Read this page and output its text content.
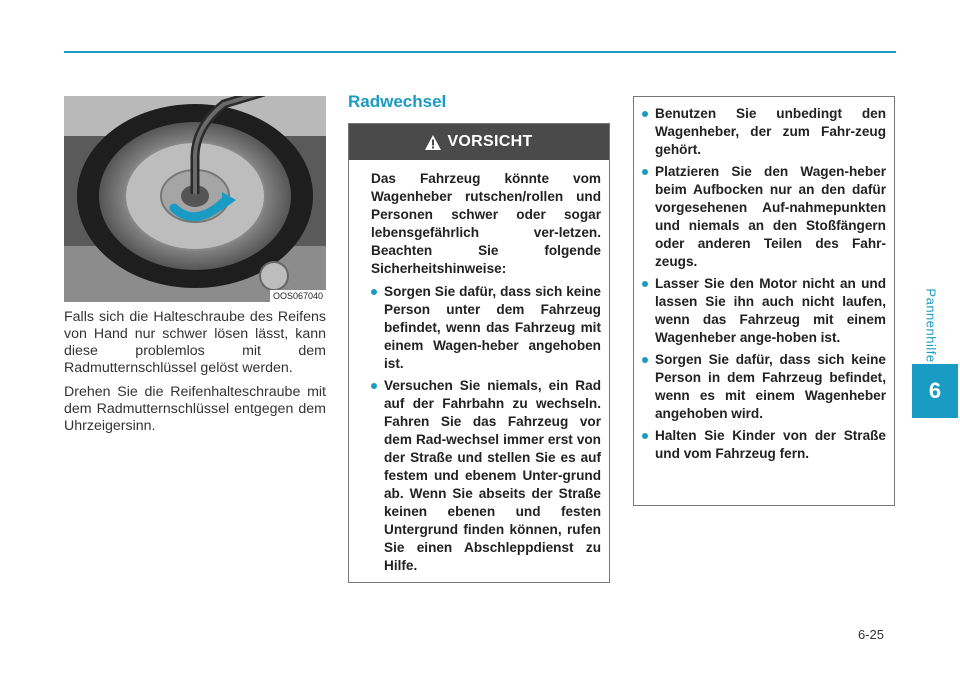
Pannenhilfe
6
OOS067040

Falls sich die Halteschraube des Reifens von Hand nur schwer lösen lässt, kann diese problemlos mit dem Radmutternschlüssel gelöst werden.

Drehen Sie die Reifenhalteschraube mit dem Radmutternschlüssel entgegen dem Uhrzeigersinn.

Radwechsel
VORSICHT

Das Fahrzeug könnte vom Wagenheber rutschen/rollen und Personen schwer oder sogar lebensgefährlich ver-letzen. Beachten Sie folgende Sicherheitshinweise:

Sorgen Sie dafür, dass sich keine Person unter dem Fahrzeug befindet, wenn das Fahrzeug mit einem Wagen-heber angehoben ist.
Versuchen Sie niemals, ein Rad auf der Fahrbahn zu wechseln. Fahren Sie das Fahrzeug vor dem Rad-wechsel immer erst von der Straße und stellen Sie es auf festem und ebenem Unter-grund ab. Wenn Sie abseits der Straße keinen ebenen und festen Untergrund finden können, rufen Sie einen Abschleppdienst zu Hilfe.
Benutzen Sie unbedingt den Wagenheber, der zum Fahr-zeug gehört.
Platzieren Sie den Wagen-heber beim Aufbocken nur an den dafür vorgesehenen Auf-nahmepunkten und niemals an den Stoßfängern oder anderen Teilen des Fahr-zeugs.
Lasser Sie den Motor nicht an und lassen Sie ihn auch nicht laufen, wenn das Fahrzeug mit einem Wagenheber ange-hoben ist.
Sorgen Sie dafür, dass sich keine Person in dem Fahrzeug befindet, wenn es mit einem Wagenheber angehoben wird.
Halten Sie Kinder von der Straße und vom Fahrzeug fern.
6-25
